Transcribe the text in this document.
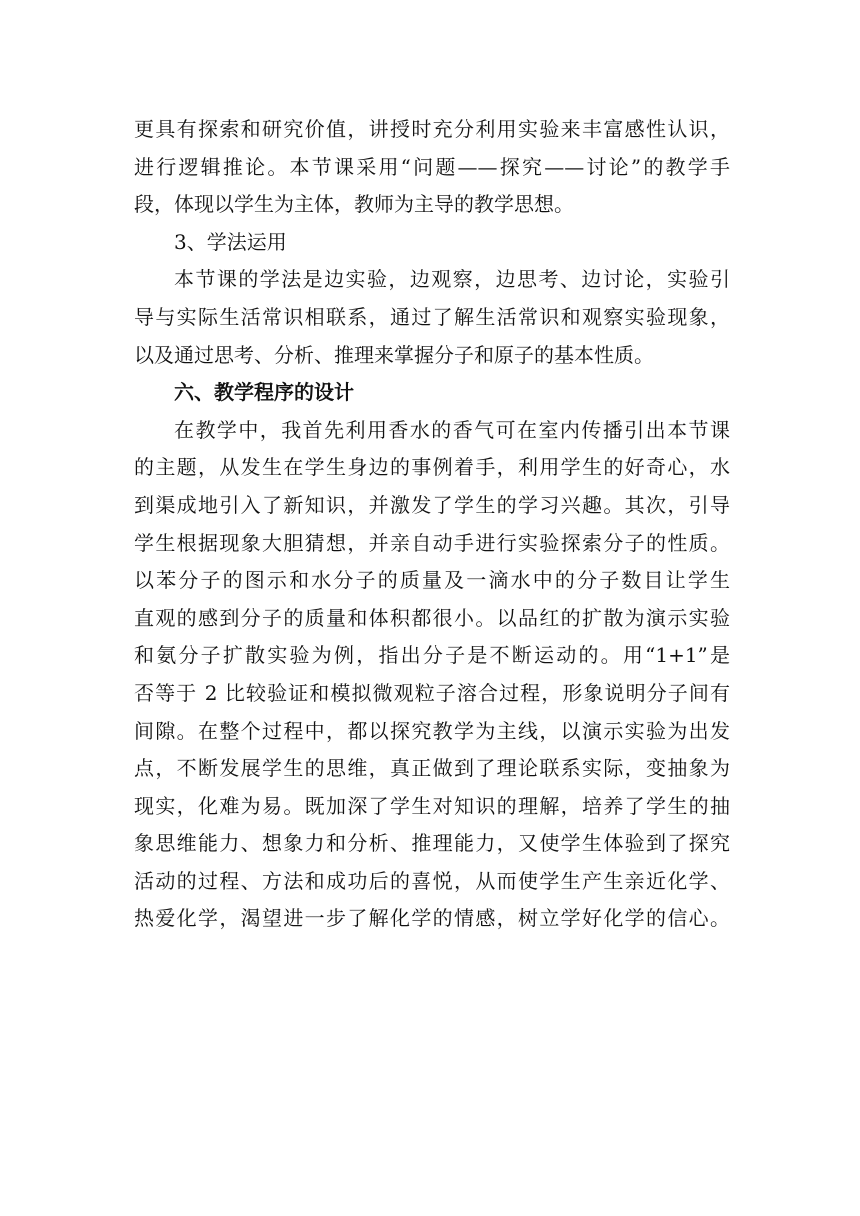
更具有探索和研究价值，讲授时充分利用实验来丰富感性认识，
进行逻辑推论。本节课采用“问题——探究——讨论”的教学手
段，体现以学生为主体，教师为主导的教学思想。
3、学法运用
本节课的学法是边实验，边观察，边思考、边讨论，实验引
导与实际生活常识相联系，通过了解生活常识和观察实验现象，
以及通过思考、分析、推理来掌握分子和原子的基本性质。
六、教学程序的设计
在教学中，我首先利用香水的香气可在室内传播引出本节课
的主题，从发生在学生身边的事例着手，利用学生的好奇心，水
到渠成地引入了新知识，并激发了学生的学习兴趣。其次，引导
学生根据现象大胆猜想，并亲自动手进行实验探索分子的性质。
以苯分子的图示和水分子的质量及一滴水中的分子数目让学生
直观的感到分子的质量和体积都很小。以品红的扩散为演示实验
和氨分子扩散实验为例，指出分子是不断运动的。用“1+1”是
否等于 2 比较验证和模拟微观粒子溶合过程，形象说明分子间有
间隙。在整个过程中，都以探究教学为主线，以演示实验为出发
点，不断发展学生的思维，真正做到了理论联系实际，变抽象为
现实，化难为易。既加深了学生对知识的理解，培养了学生的抽
象思维能力、想象力和分析、推理能力，又使学生体验到了探究
活动的过程、方法和成功后的喜悦，从而使学生产生亲近化学、
热爱化学，渴望进一步了解化学的情感，树立学好化学的信心。
